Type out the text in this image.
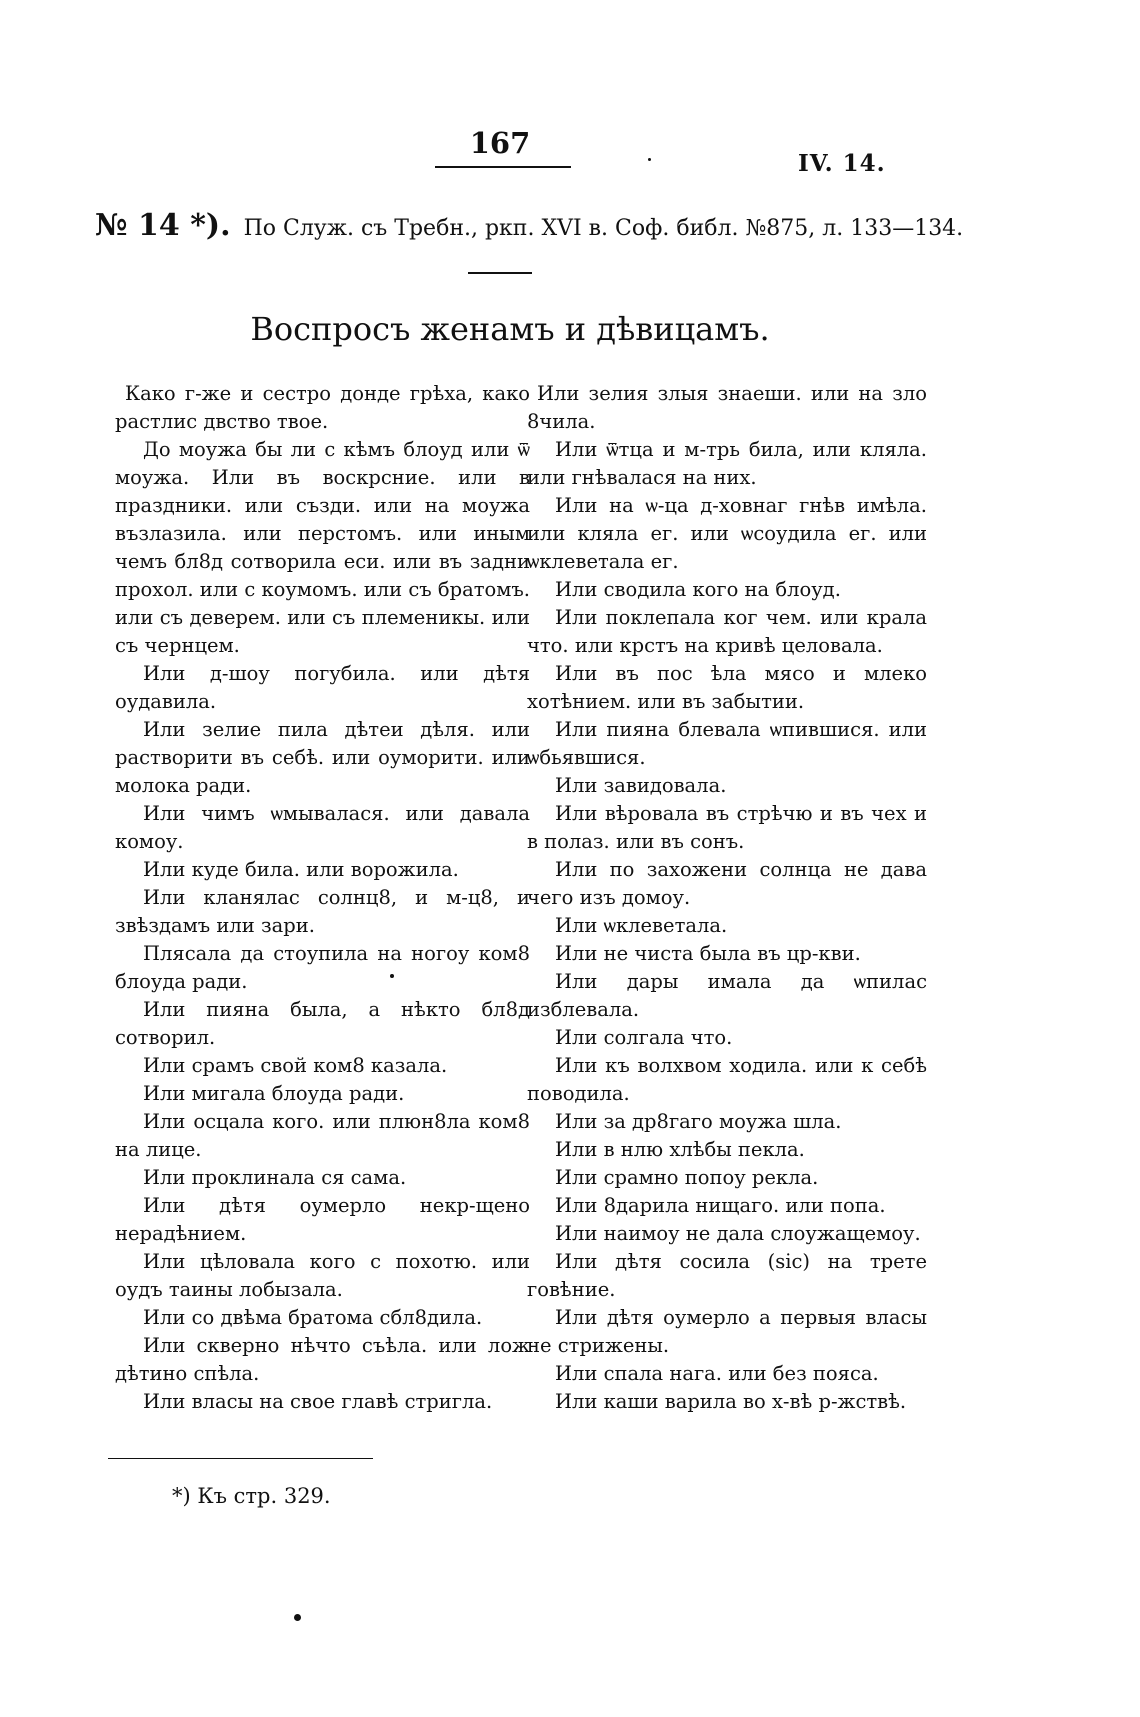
167
IV. 14.
№ 14 *). По Служ. съ Требн., ркп. XVI в. Соф. библ. №875, л. 133—134.
Воспросъ женамъ и дѣвицамъ.

Како г-же и сестро донде грѣха, како растлис двство твое.

До моужа бы ли с кѣмъ блоуд или ѿ моужа. Или въ воскрсние. или в праздники. или създи. или на моужа възлазила. или перстомъ. или иным чемъ бл8д сотворила еси. или въ задни прохол. или с коумомъ. или съ братомъ. или съ деверем. или съ племеникы. или съ чернцем.

Или д-шоу погубила. или дѣтя оудавила.

Или зелие пила дѣтеи дѣля. или растворити въ себѣ. или оуморити. или молока ради.

Или чимъ ѡмывалася. или давала комоу.

Или куде била. или ворожила.

Или кланялас солнц8, и м-ц8, и звѣздамъ или зари.

Плясала да стоупила на ногоу ком8 блоуда ради.

Или пияна была, а нѣкто бл8д сотворил.

Или срамъ свой ком8 казала.

Или мигала блоуда ради.

Или осцала кого. или плюн8ла ком8 на лице.

Или проклинала ся сама.

Или дѣтя оумерло некр-щено нерадѣнием.

Или цѣловала кого с похотю. или оудъ таины лобызала.

Или со двѣма братома сбл8дила.

Или скверно нѣчто съѣла. или лож дѣтино спѣла.

Или власы на свое главѣ стригла.

Или зелия злыя знаеши. или на зло 8чила.

Или ѿтца и м-трь била, или кляла. или гнѣвалася на них.

Или на ѡ-ца д-ховнаг гнѣв имѣла. или кляла ег. или ѡсоудила ег. или ѡклеветала ег.

Или сводила кого на блоуд.

Или поклепала ког чем. или крала что. или крстъ на кривѣ целовала.

Или въ пос ѣла мясо и млеко хотѣнием. или въ забытии.

Или пияна блевала ѡпившися. или ѡбьявшися.

Или завидовала.

Или вѣровала въ стрѣчю и въ чех и в полаз. или въ сонъ.

Или по захожени солнца не дава чего изъ домоу.

Или ѡклеветала.

Или не чиста была въ цр-кви.

Или дары имала да ѡпилас изблевала.

Или солгала что.

Или къ волхвом ходила. или к себѣ поводила.

Или за др8гаго моужа шла.

Или в нлю хлѣбы пекла.

Или срамно попоу рекла.

Или 8дарила нищаго. или попа.

Или наимоу не дала слоужащемоу.

Или дѣтя сосила (sic) на трете говѣние.

Или дѣтя оумерло а первыя власы не стрижены.

Или спала нага. или без пояса.

Или каши варила во х-вѣ р-жствѣ.

*) Къ стр. 329.
